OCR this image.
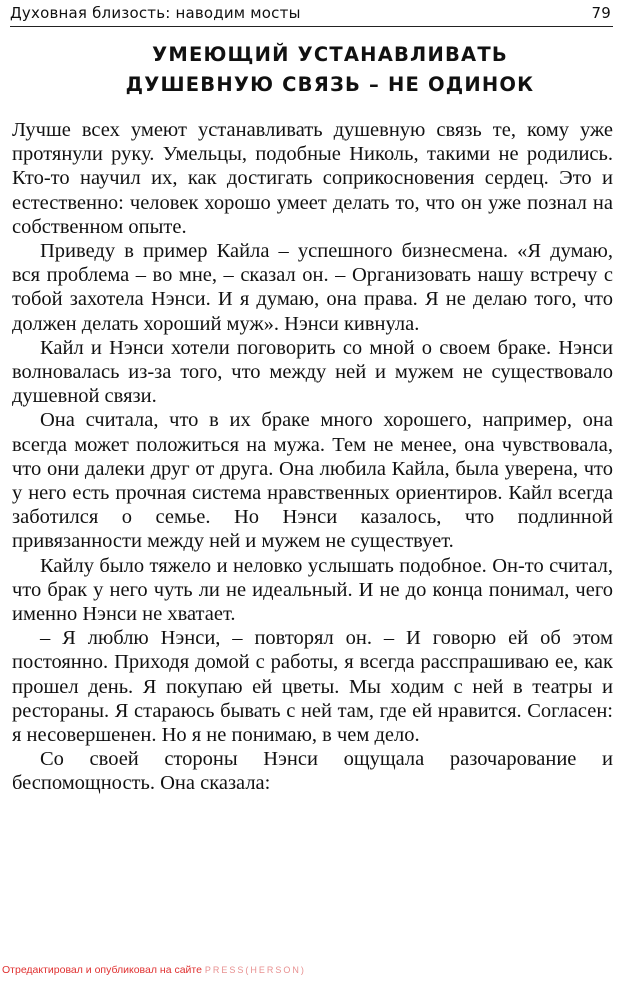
Духовная близость: наводим мосты	79
УМЕЮЩИЙ УСТАНАВЛИВАТЬ
ДУШЕВНУЮ СВЯЗЬ – НЕ ОДИНОК

Лучше всех умеют устанавливать душевную связь те, кому уже протянули руку. Умельцы, подобные Николь, такими не родились. Кто-то научил их, как достигать соприкосновения сердец. Это и естественно: человек хорошо умеет делать то, что он уже познал на собственном опыте.

Приведу в пример Кайла – успешного бизнесмена. «Я думаю, вся проблема – во мне, – сказал он. – Организовать нашу встречу с тобой захотела Нэнси. И я думаю, она права. Я не делаю того, что должен делать хороший муж». Нэнси кивнула.

Кайл и Нэнси хотели поговорить со мной о своем браке. Нэнси волновалась из-за того, что между ней и мужем не существовало душевной связи.

Она считала, что в их браке много хорошего, например, она всегда может положиться на мужа. Тем не менее, она чувствовала, что они далеки друг от друга. Она любила Кайла, была уверена, что у него есть прочная система нравственных ориентиров. Кайл всегда заботился о семье. Но Нэнси казалось, что подлинной привязанности между ней и мужем не существует.

Кайлу было тяжело и неловко услышать подобное. Он-то считал, что брак у него чуть ли не идеальный. И не до конца понимал, чего именно Нэнси не хватает.

– Я люблю Нэнси, – повторял он. – И говорю ей об этом постоянно. Приходя домой с работы, я всегда расспрашиваю ее, как прошел день. Я покупаю ей цветы. Мы ходим с ней в театры и рестораны. Я стараюсь бывать с ней там, где ей нравится. Согласен: я несовершенен. Но я не понимаю, в чем дело.

Со своей стороны Нэнси ощущала разочарование и беспомощность. Она сказала:

Отредактировал и опубликовал на сайте PRESS(HERSON)
